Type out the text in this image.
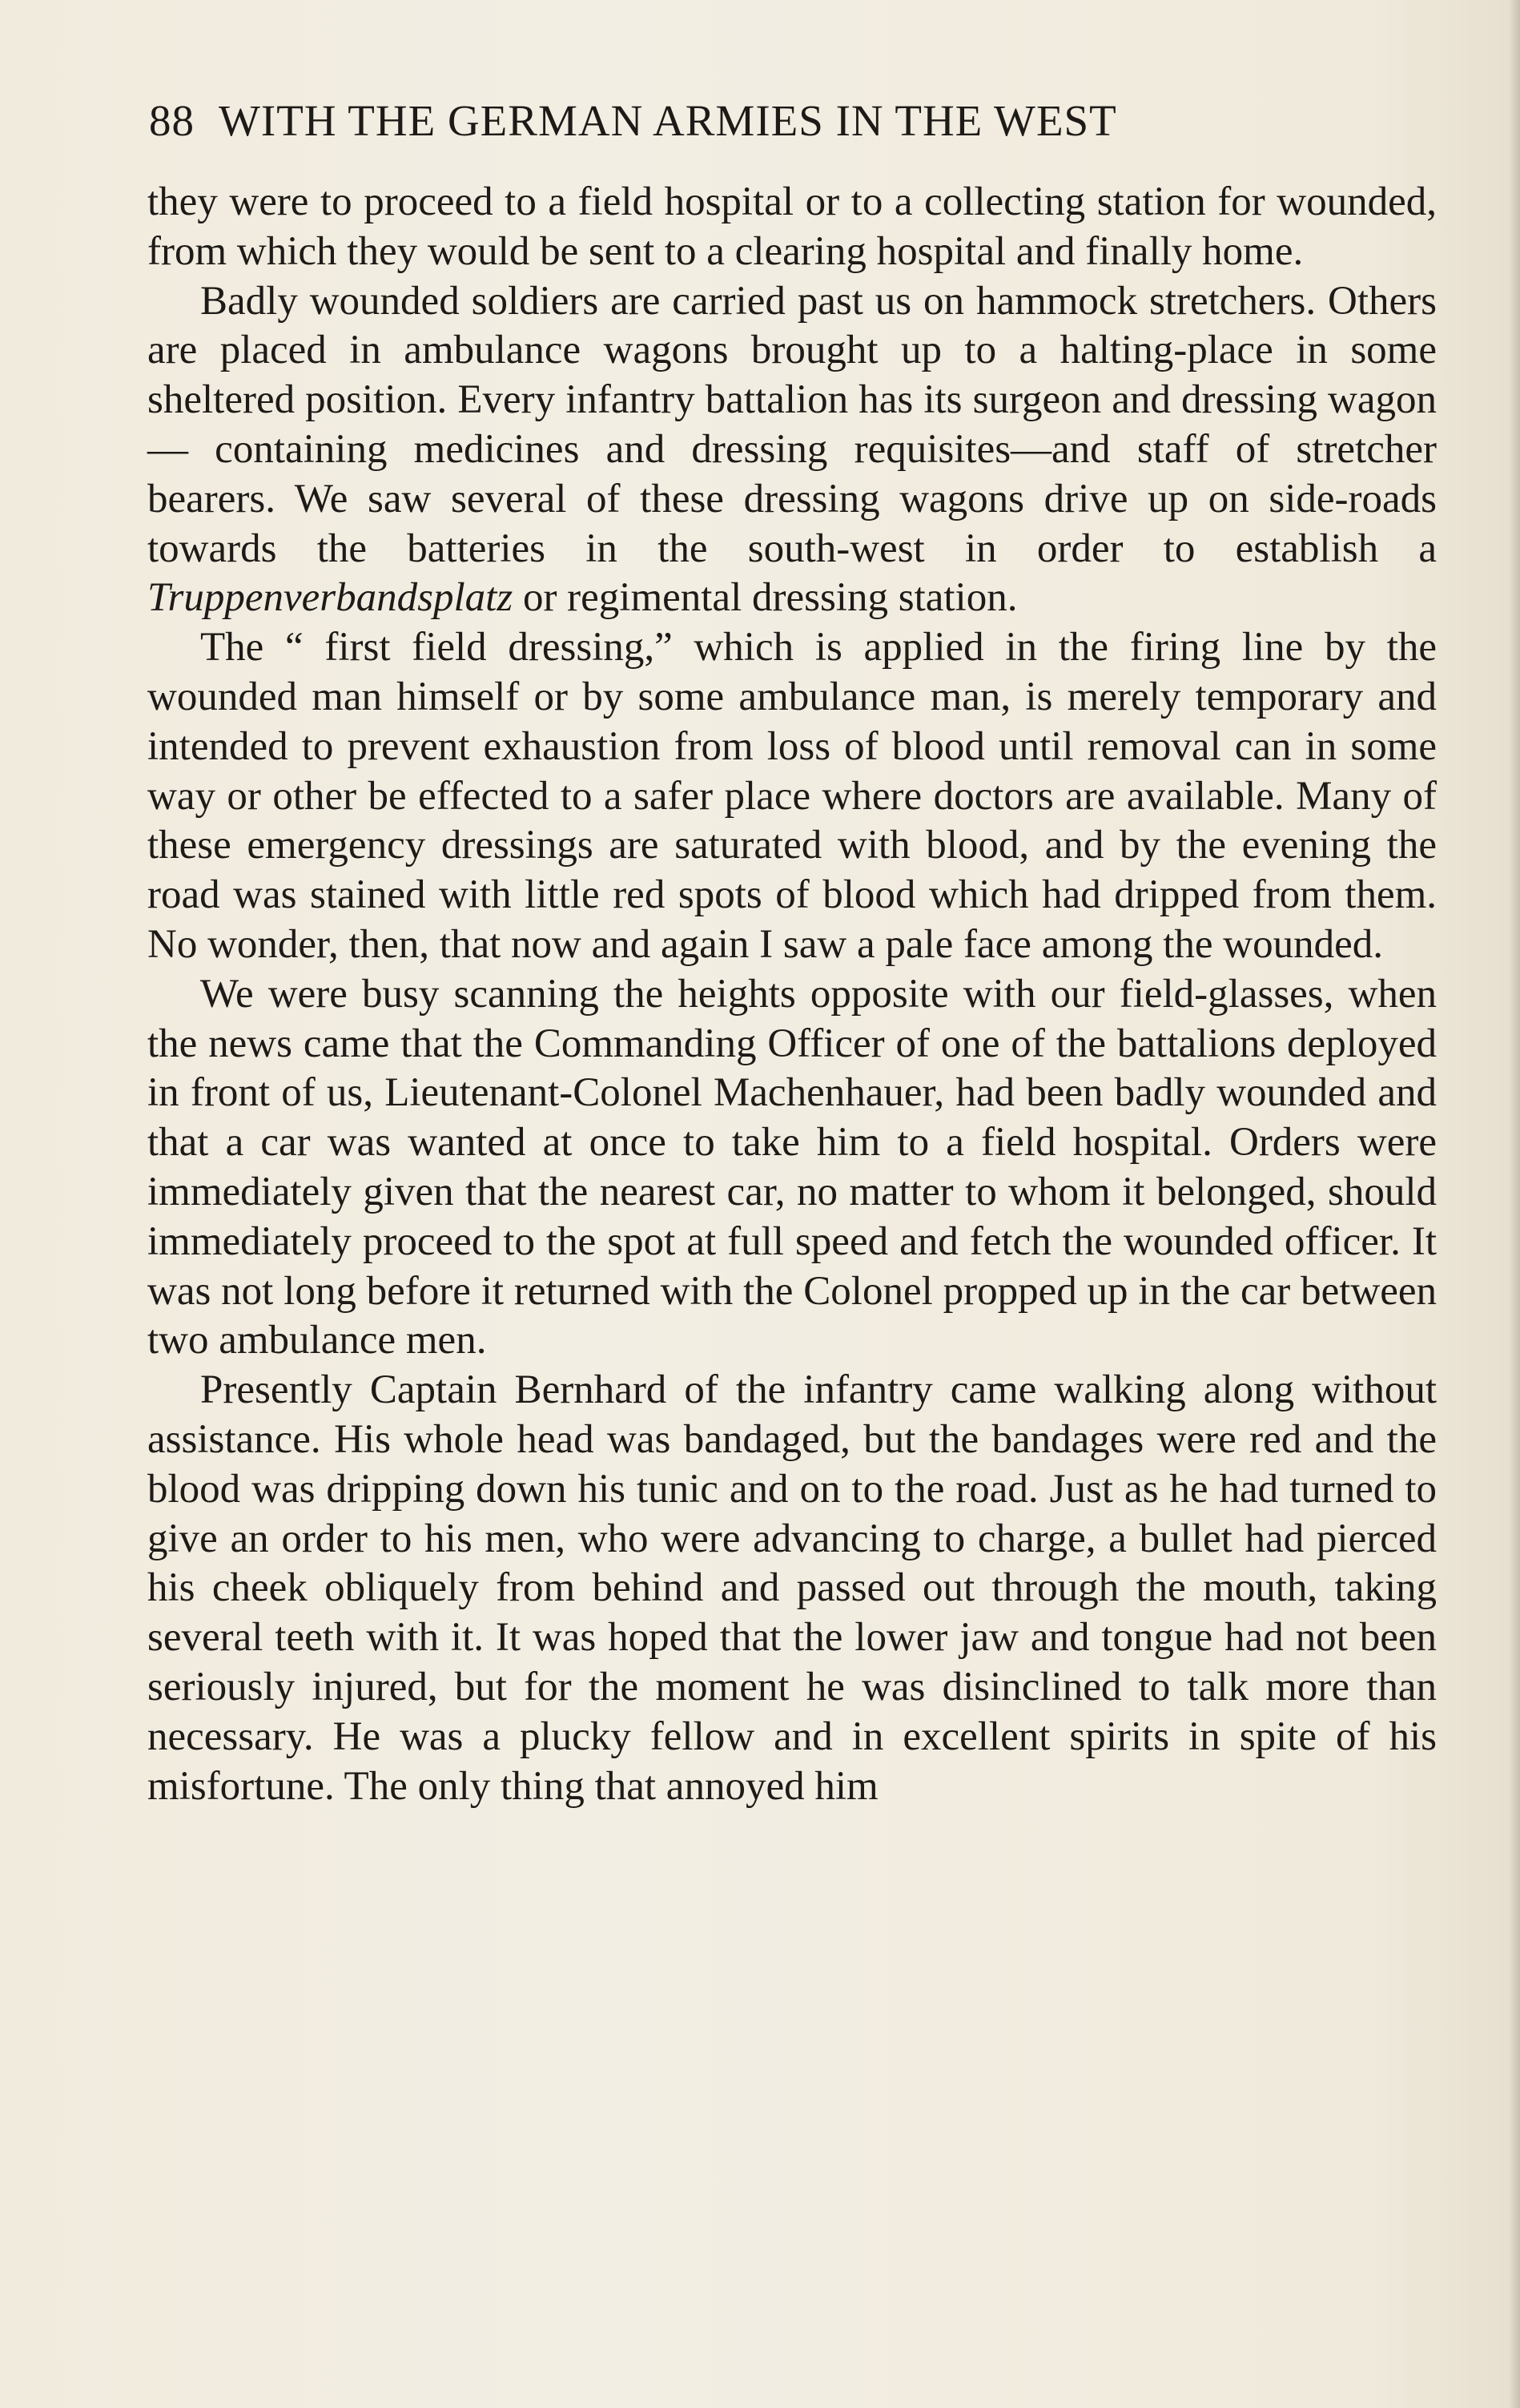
88 WITH THE GERMAN ARMIES IN THE WEST

they were to proceed to a field hospital or to a collecting station for wounded, from which they would be sent to a clearing hospital and finally home.

Badly wounded soldiers are carried past us on hammock stretchers. Others are placed in ambulance wagons brought up to a halting-place in some sheltered position. Every infantry battalion has its surgeon and dressing wagon— containing medicines and dressing requisites—and staff of stretcher bearers. We saw several of these dressing wagons drive up on side-roads towards the batteries in the south-west in order to establish a Truppenverbandsplatz or regimental dressing station.

The “ first field dressing,” which is applied in the firing line by the wounded man himself or by some ambulance man, is merely temporary and intended to prevent exhaustion from loss of blood until removal can in some way or other be effected to a safer place where doctors are available. Many of these emergency dressings are saturated with blood, and by the evening the road was stained with little red spots of blood which had dripped from them. No wonder, then, that now and again I saw a pale face among the wounded.

We were busy scanning the heights opposite with our field-glasses, when the news came that the Commanding Officer of one of the battalions deployed in front of us, Lieutenant-Colonel Machenhauer, had been badly wounded and that a car was wanted at once to take him to a field hospital. Orders were immediately given that the nearest car, no matter to whom it belonged, should immediately proceed to the spot at full speed and fetch the wounded officer. It was not long before it returned with the Colonel propped up in the car between two ambulance men.

Presently Captain Bernhard of the infantry came walking along without assistance. His whole head was bandaged, but the bandages were red and the blood was dripping down his tunic and on to the road. Just as he had turned to give an order to his men, who were advancing to charge, a bullet had pierced his cheek obliquely from behind and passed out through the mouth, taking several teeth with it. It was hoped that the lower jaw and tongue had not been seriously injured, but for the moment he was disinclined to talk more than necessary. He was a plucky fellow and in excellent spirits in spite of his misfortune. The only thing that annoyed him
